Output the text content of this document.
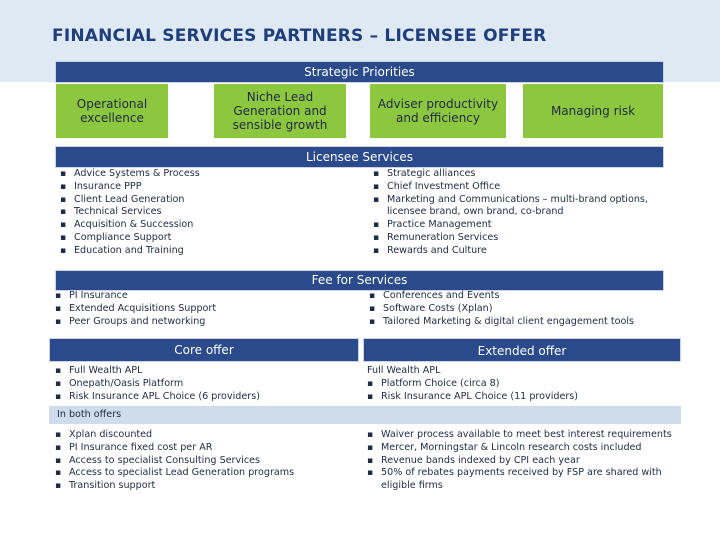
FINANCIAL SERVICES PARTNERS – LICENSEE OFFER
Strategic Priorities
Operational excellence
Niche Lead Generation and sensible growth
Adviser productivity and efficiency	Managing risk
Licensee Services
▪ Advice Systems & Process
▪ Insurance PPP
▪ Client Lead Generation
▪ Technical Services
▪ Acquisition & Succession
▪ Compliance Support
▪ Education and Training
▪ Strategic alliances
▪ Chief Investment Office
▪ Marketing and Communications – multi-brand options, licensee brand, own brand, co-brand
▪ Practice Management
▪ Remuneration Services
▪ Rewards and Culture
Fee for Services
▪ PI Insurance
▪ Extended Acquisitions Support
▪ Peer Groups and networking
▪ Conferences and Events
▪ Software Costs (Xplan)
▪ Tailored Marketing & digital client engagement tools
Core offer	Extended offer
▪ Full Wealth APL
▪ Onepath/Oasis Platform
▪ Risk Insurance APL Choice (6 providers)
Full Wealth APL
▪ Platform Choice (circa 8)
▪ Risk Insurance APL Choice (11 providers)
In both offers
▪ Xplan discounted
▪ PI Insurance fixed cost per AR
▪ Access to specialist Consulting Services
▪ Access to specialist Lead Generation programs
▪ Transition support
▪ Waiver process available to meet best interest requirements
▪ Mercer, Morningstar & Lincoln research costs included
▪ Revenue bands indexed by CPI each year
▪ 50% of rebates payments received by FSP are shared with eligible firms
